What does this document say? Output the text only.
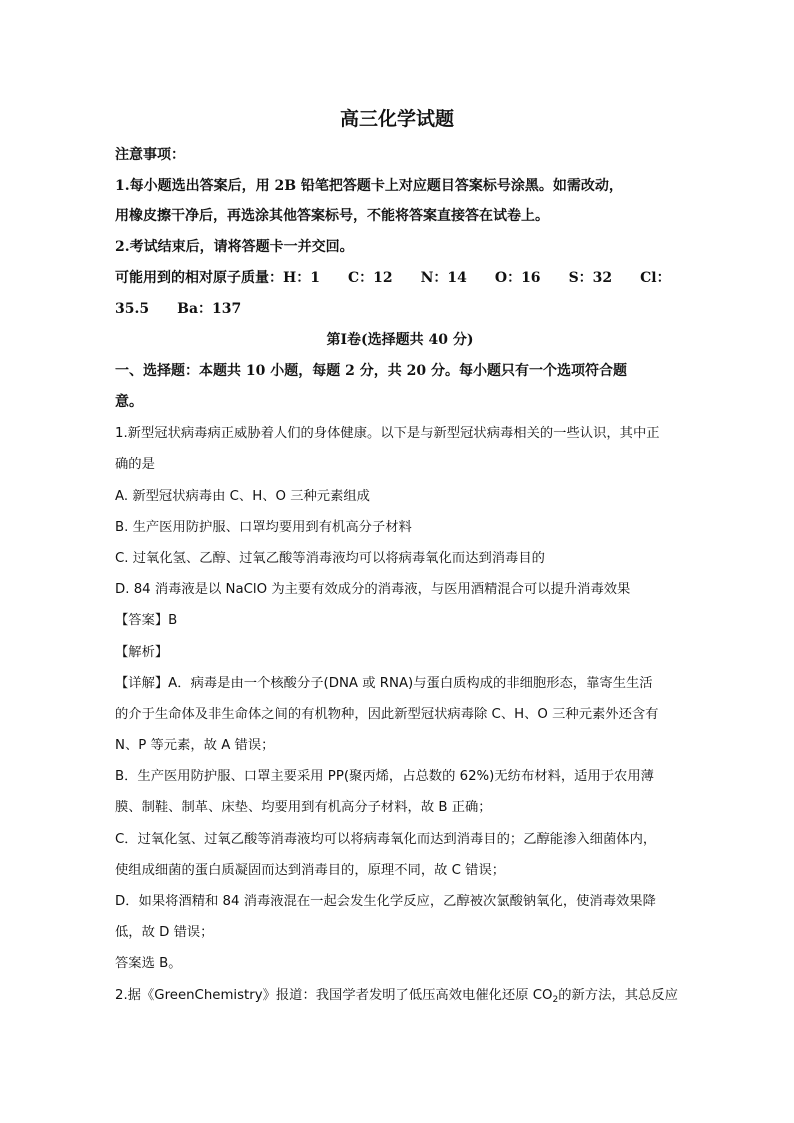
高三化学试题
注意事项：
1.每小题选出答案后，用 2B 铅笔把答题卡上对应题目答案标号涂黑。如需改动，
用橡皮擦干净后，再选涂其他答案标号，不能将答案直接答在试卷上。
2.考试结束后，请将答题卡一并交回。
可能用到的相对原子质量：H：1 C：12 N：14 O：16 S：32 Cl：
35.5 Ba：137
第Ⅰ卷(选择题共 40 分)
一、选择题：本题共 10 小题，每题 2 分，共 20 分。每小题只有一个选项符合题
意。
1.新型冠状病毒病正威胁着人们的身体健康。以下是与新型冠状病毒相关的一些认识，其中正
确的是
A. 新型冠状病毒由 C、H、O 三种元素组成
B. 生产医用防护服、口罩均要用到有机高分子材料
C. 过氧化氢、乙醇、过氧乙酸等消毒液均可以将病毒氧化而达到消毒目的
D. 84 消毒液是以 NaClO 为主要有效成分的消毒液，与医用酒精混合可以提升消毒效果
【答案】B
【解析】
【详解】A．病毒是由一个核酸分子(DNA 或 RNA)与蛋白质构成的非细胞形态，靠寄生生活
的介于生命体及非生命体之间的有机物种，因此新型冠状病毒除 C、H、O 三种元素外还含有
N、P 等元素，故 A 错误；
B．生产医用防护服、口罩主要采用 PP(聚丙烯，占总数的 62%)无纺布材料，适用于农用薄
膜、制鞋、制革、床垫、均要用到有机高分子材料，故 B 正确；
C．过氧化氢、过氧乙酸等消毒液均可以将病毒氧化而达到消毒目的；乙醇能渗入细菌体内，
使组成细菌的蛋白质凝固而达到消毒目的，原理不同，故 C 错误；
D．如果将酒精和 84 消毒液混在一起会发生化学反应，乙醇被次氯酸钠氧化，使消毒效果降
低，故 D 错误；
答案选 B。
2.据《GreenChemistry》报道：我国学者发明了低压高效电催化还原 $CO_2$的新方法，其总反应
